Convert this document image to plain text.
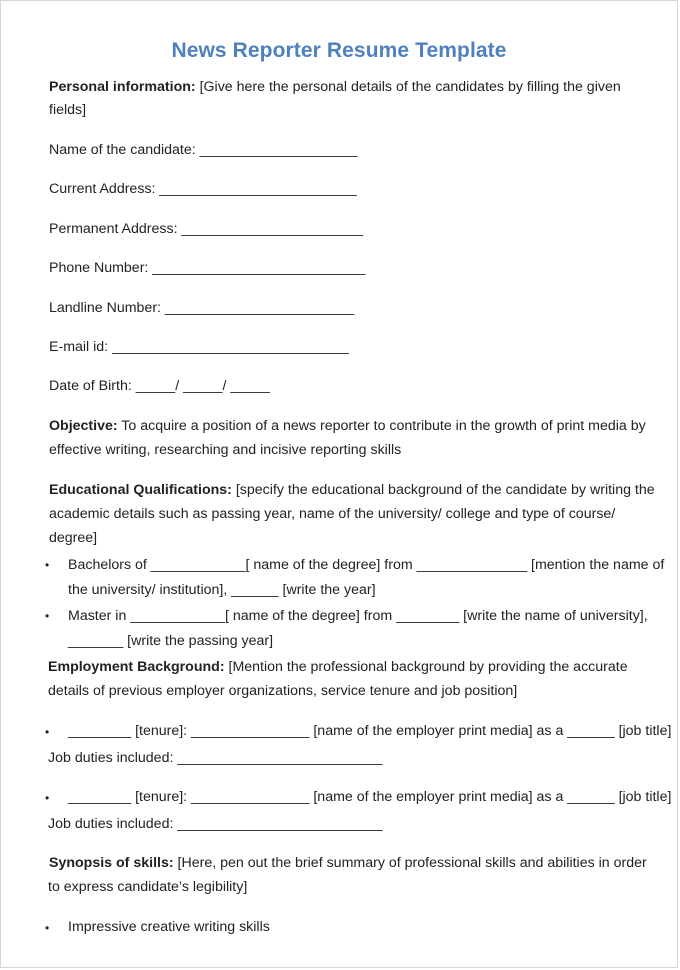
News Reporter Resume Template
Personal information: [Give here the personal details of the candidates by filling the given
fields]
Name of the candidate: ____________________
Current Address: _________________________
Permanent Address: _______________________
Phone Number: ___________________________
Landline Number: ________________________
E-mail id: ______________________________
Date of Birth: _____/ _____/ _____
Objective: To acquire a position of a news reporter to contribute in the growth of print media by
effective writing, researching and incisive reporting skills
Educational Qualifications: [specify the educational background of the candidate by writing the
academic details such as passing year, name of the university/ college and type of course/
degree]
• Bachelors of ____________[ name of the degree] from ______________ [mention the name of
the university/ institution], ______ [write the year]
• Master in ____________[ name of the degree] from ________ [write the name of university],
_______ [write the passing year]
Employment Background: [Mention the professional background by providing the accurate
details of previous employer organizations, service tenure and job position]
• ________ [tenure]: _______________ [name of the employer print media] as a ______ [job title]
Job duties included: __________________________
• ________ [tenure]: _______________ [name of the employer print media] as a ______ [job title]
Job duties included: __________________________
Synopsis of skills: [Here, pen out the brief summary of professional skills and abilities in order
to express candidate’s legibility]
• Impressive creative writing skills
